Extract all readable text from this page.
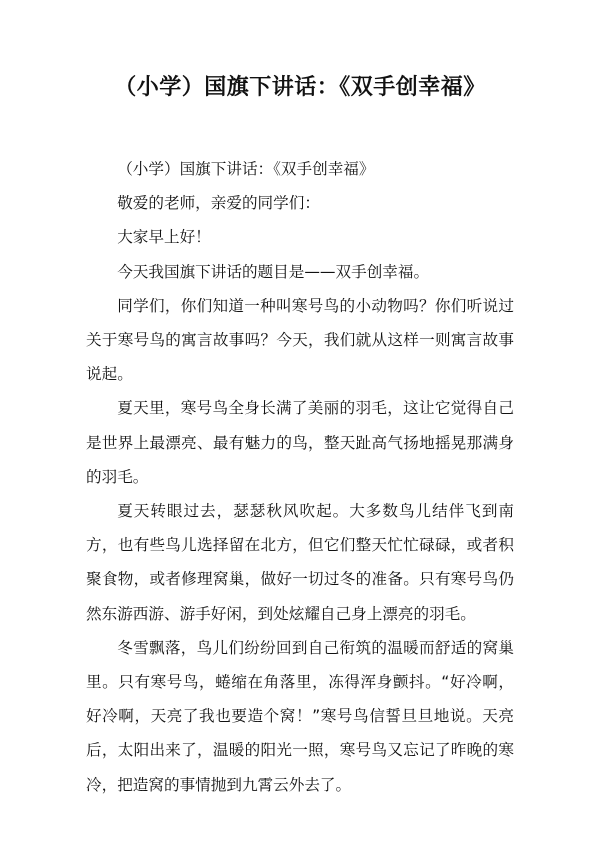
（小学）国旗下讲话：《双手创幸福》

（小学）国旗下讲话：《双手创幸福》

敬爱的老师，亲爱的同学们：

大家早上好！

今天我国旗下讲话的题目是——双手创幸福。

同学们，你们知道一种叫寒号鸟的小动物吗？你们听说过关于寒号鸟的寓言故事吗？今天，我们就从这样一则寓言故事说起。

夏天里，寒号鸟全身长满了美丽的羽毛，这让它觉得自己是世界上最漂亮、最有魅力的鸟，整天趾高气扬地摇晃那满身的羽毛。

夏天转眼过去，瑟瑟秋风吹起。大多数鸟儿结伴飞到南方，也有些鸟儿选择留在北方，但它们整天忙忙碌碌，或者积聚食物，或者修理窝巢，做好一切过冬的准备。只有寒号鸟仍然东游西游、游手好闲，到处炫耀自己身上漂亮的羽毛。

冬雪飘落，鸟儿们纷纷回到自己衔筑的温暖而舒适的窝巢里。只有寒号鸟，蜷缩在角落里，冻得浑身颤抖。“好冷啊，好冷啊，天亮了我也要造个窝！”寒号鸟信誓旦旦地说。天亮后，太阳出来了，温暖的阳光一照，寒号鸟又忘记了昨晚的寒冷，把造窝的事情抛到九霄云外去了。
